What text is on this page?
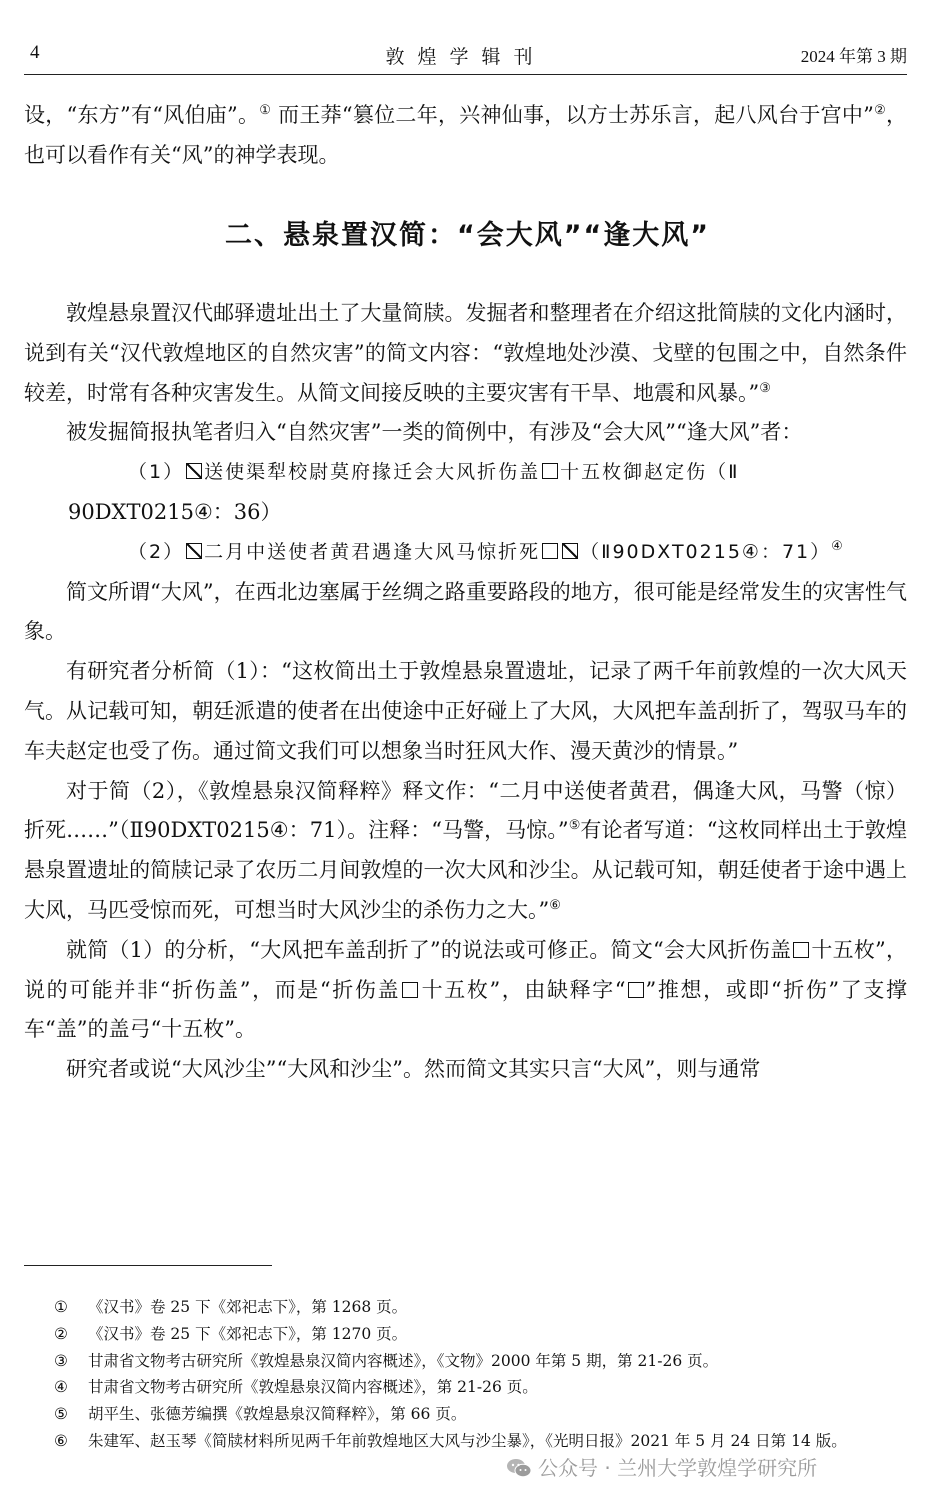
4	敦煌学辑刊	2024 年第 3 期

设，“东方”有“风伯庙”。① 而王莽“篡位二年，兴神仙事，以方士苏乐言，起八风台于宫中”②，也可以看作有关“风”的神学表现。

二、悬泉置汉简：“会大风”“逢大风”

敦煌悬泉置汉代邮驿遗址出土了大量简牍。发掘者和整理者在介绍这批简牍的文化内涵时，说到有关“汉代敦煌地区的自然灾害”的简文内容：“敦煌地处沙漠、戈壁的包围之中，自然条件较差，时常有各种灾害发生。从简文间接反映的主要灾害有干旱、地震和风暴。”③

被发掘简报执笔者归入“自然灾害”一类的简例中，有涉及“会大风”“逢大风”者：

（1） 送使渠犁校尉莫府掾迁会大风折伤盖 十五枚御赵定伤（Ⅱ

90DXT0215④：36）

（2） 二月中送使者黄君遇逢大风马惊折死 （Ⅱ90DXT0215④：71）④

简文所谓“大风”，在西北边塞属于丝绸之路重要路段的地方，很可能是经常发生的灾害性气象。

有研究者分析简（1）：“这枚简出土于敦煌悬泉置遗址，记录了两千年前敦煌的一次大风天气。从记载可知，朝廷派遣的使者在出使途中正好碰上了大风，大风把车盖刮折了，驾驭马车的车夫赵定也受了伤。通过简文我们可以想象当时狂风大作、漫天黄沙的情景。”

对于简（2），《敦煌悬泉汉简释粹》释文作：“二月中送使者黄君，偶逢大风，马警（惊）折死……”（Ⅱ90DXT0215④：71）。注释：“马警，马惊。”⑤有论者写道：“这枚同样出土于敦煌悬泉置遗址的简牍记录了农历二月间敦煌的一次大风和沙尘。从记载可知，朝廷使者于途中遇上大风，马匹受惊而死，可想当时大风沙尘的杀伤力之大。”⑥

就简（1）的分析，“大风把车盖刮折了”的说法或可修正。简文“会大风折伤盖 十五枚”，说的可能并非“折伤盖”，而是“折伤盖 十五枚”，由缺释字“ ”推想，或即“折伤”了支撑车“盖”的盖弓“十五枚”。

研究者或说“大风沙尘”“大风和沙尘”。然而简文其实只言“大风”，则与通常

① 《汉书》卷 25 下《郊祀志下》，第 1268 页。

② 《汉书》卷 25 下《郊祀志下》，第 1270 页。

③ 甘肃省文物考古研究所《敦煌悬泉汉简内容概述》，《文物》2000 年第 5 期，第 21-26 页。

④ 甘肃省文物考古研究所《敦煌悬泉汉简内容概述》，第 21-26 页。

⑤ 胡平生、张德芳编撰《敦煌悬泉汉简释粹》，第 66 页。

⑥ 朱建军、赵玉琴《简牍材料所见两千年前敦煌地区大风与沙尘暴》，《光明日报》2021 年 5 月 24 日第 14 版。

公众号 · 兰州大学敦煌学研究所
